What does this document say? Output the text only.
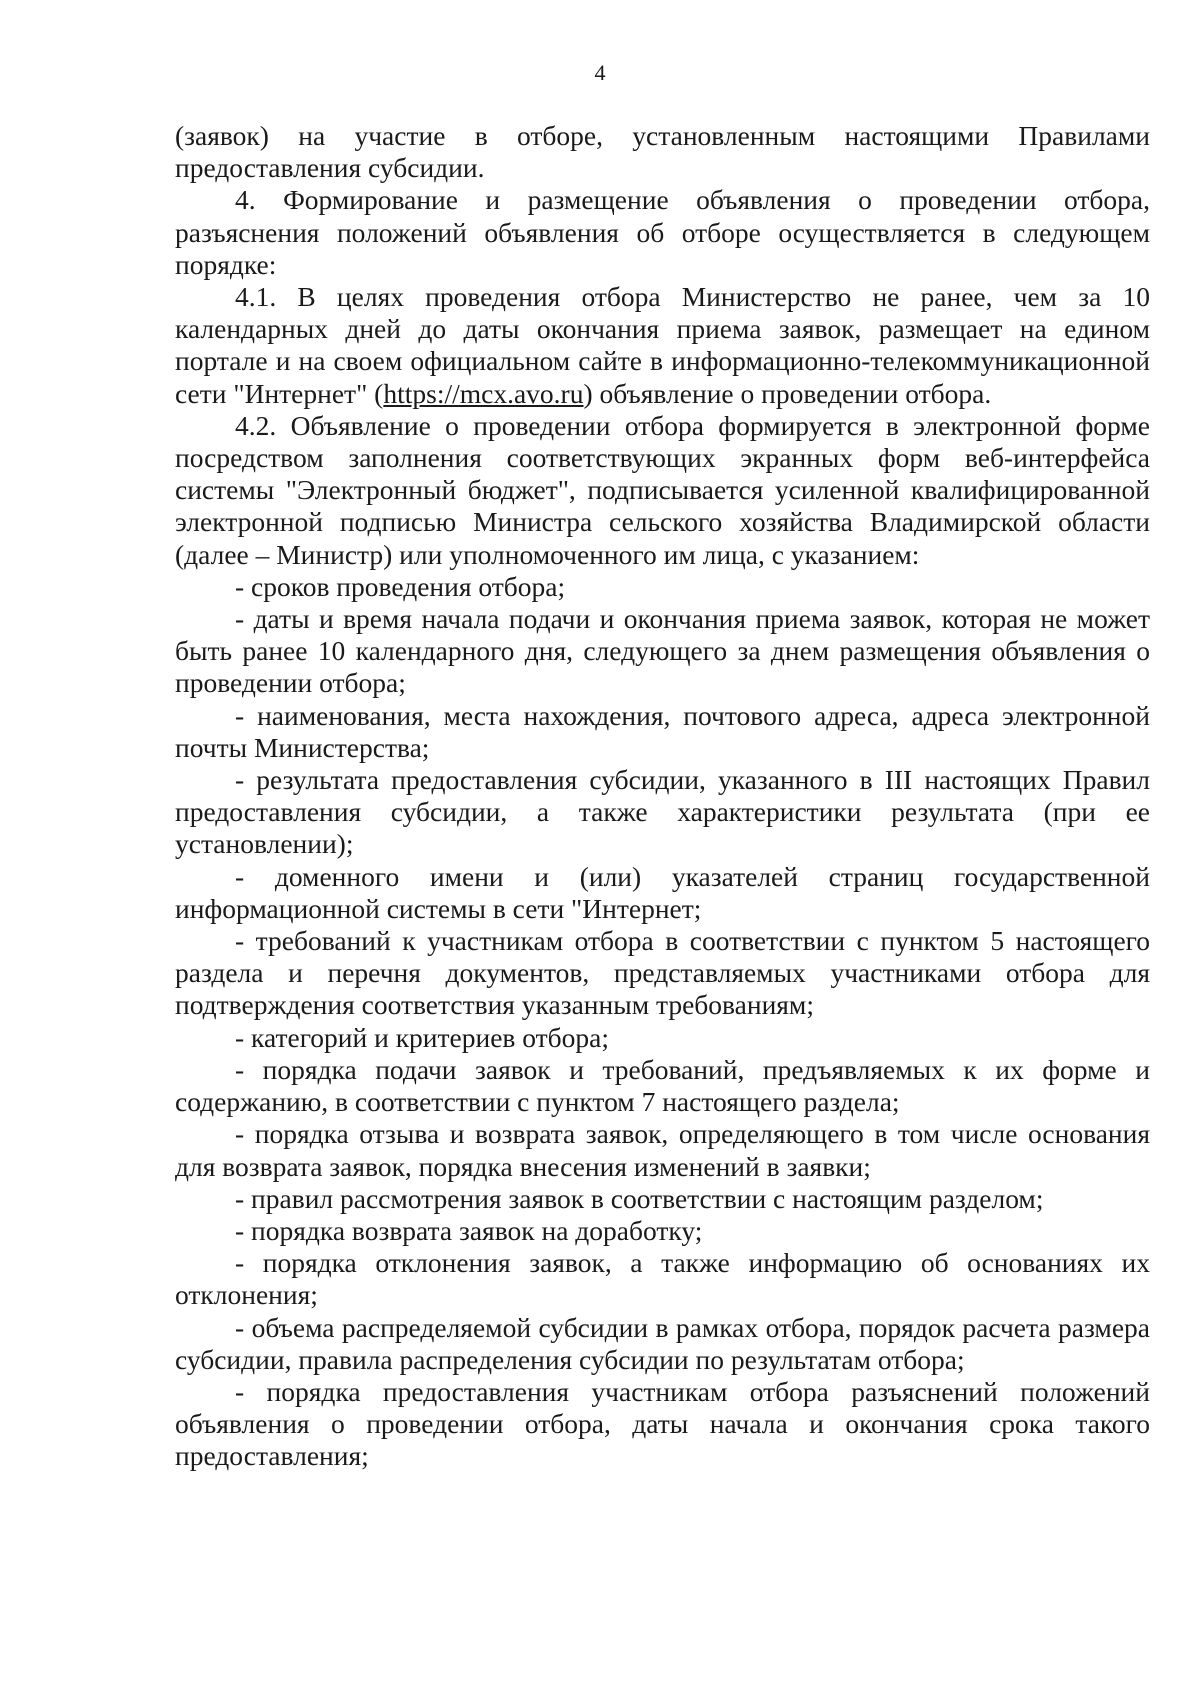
4

(заявок) на участие в отборе, установленным настоящими Правилами предоставления субсидии.

4. Формирование и размещение объявления о проведении отбора, разъяснения положений объявления об отборе осуществляется в следующем порядке:

4.1. В целях проведения отбора Министерство не ранее, чем за 10 календарных дней до даты окончания приема заявок, размещает на едином портале и на своем официальном сайте в информационно-телекоммуникационной сети "Интернет" (https://mcx.avo.ru) объявление о проведении отбора.

4.2. Объявление о проведении отбора формируется в электронной форме посредством заполнения соответствующих экранных форм веб-интерфейса системы "Электронный бюджет", подписывается усиленной квалифицированной электронной подписью Министра сельского хозяйства Владимирской области (далее – Министр) или уполномоченного им лица, с указанием:

- сроков проведения отбора;

- даты и время начала подачи и окончания приема заявок, которая не может быть ранее 10 календарного дня, следующего за днем размещения объявления о проведении отбора;

- наименования, места нахождения, почтового адреса, адреса электронной почты Министерства;

- результата предоставления субсидии, указанного в III настоящих Правил предоставления субсидии, а также характеристики результата (при ее установлении);

- доменного имени и (или) указателей страниц государственной информационной системы в сети "Интернет;

- требований к участникам отбора в соответствии с пунктом 5 настоящего раздела и перечня документов, представляемых участниками отбора для подтверждения соответствия указанным требованиям;

- категорий и критериев отбора;

- порядка подачи заявок и требований, предъявляемых к их форме и содержанию, в соответствии с пунктом 7 настоящего раздела;

- порядка отзыва и возврата заявок, определяющего в том числе основания для возврата заявок, порядка внесения изменений в заявки;

- правил рассмотрения заявок в соответствии с настоящим разделом;

- порядка возврата заявок на доработку;

- порядка отклонения заявок, а также информацию об основаниях их отклонения;

- объема распределяемой субсидии в рамках отбора, порядок расчета размера субсидии, правила распределения субсидии по результатам отбора;

- порядка предоставления участникам отбора разъяснений положений объявления о проведении отбора, даты начала и окончания срока такого предоставления;
